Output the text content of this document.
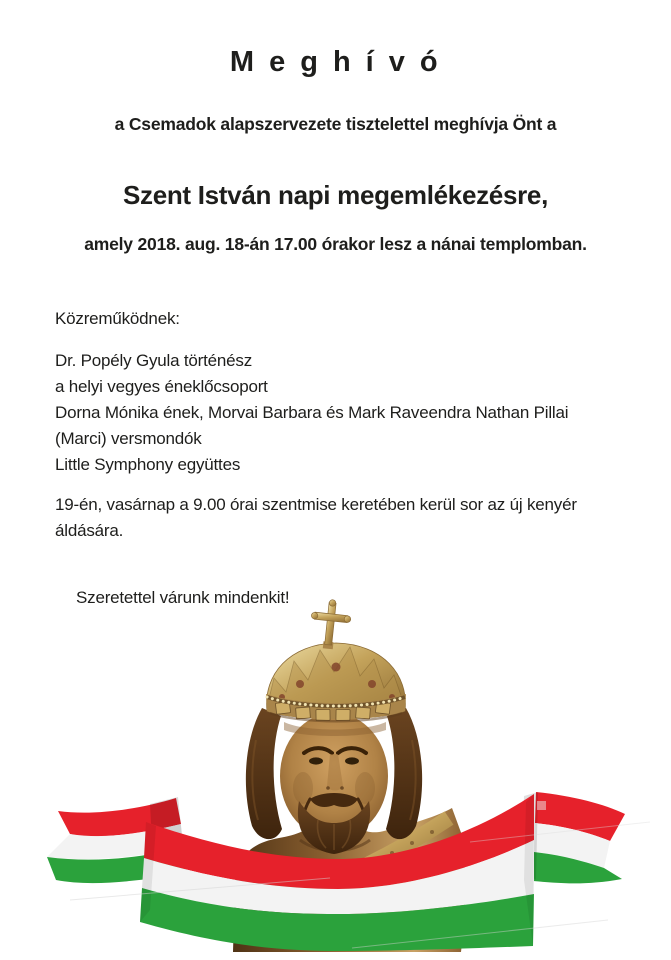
M e g h í v ó
a Csemadok alapszervezete tisztelettel meghívja Önt a
Szent István napi megemlékezésre,
amely 2018. aug. 18-án 17.00 órakor lesz a nánai templomban.
Közreműködnek:
Dr. Popély Gyula történész
a helyi vegyes éneklőcsoport
Dorna Mónika ének, Morvai Barbara és Mark Raveendra Nathan Pillai
(Marci) versmondók
Little Symphony együttes
19-én, vasárnap a 9.00 órai szentmise keretében kerül sor az új kenyér
áldására.
Szeretettel várunk mindenkit!
